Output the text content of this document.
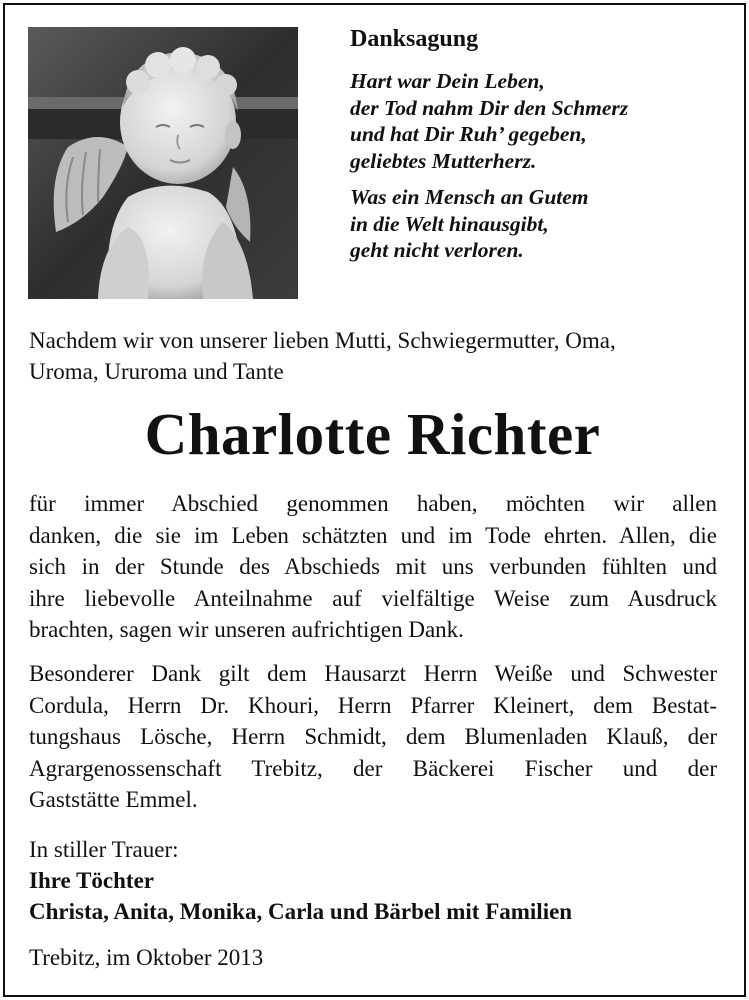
Danksagung
Hart war Dein Leben,
der Tod nahm Dir den Schmerz
und hat Dir Ruh’ gegeben,
geliebtes Mutterherz.
Was ein Mensch an Gutem
in die Welt hinausgibt,
geht nicht verloren.
Nachdem wir von unserer lieben Mutti, Schwiegermutter, Oma,
Uroma, Ururoma und Tante
Charlotte Richter
für immer Abschied genommen haben, möchten wir allen
danken, die sie im Leben schätzten und im Tode ehrten. Allen, die
sich in der Stunde des Abschieds mit uns verbunden fühlten und
ihre liebevolle Anteilnahme auf vielfältige Weise zum Ausdruck
brachten, sagen wir unseren aufrichtigen Dank.
Besonderer Dank gilt dem Hausarzt Herrn Weiße und Schwester
Cordula, Herrn Dr. Khouri, Herrn Pfarrer Kleinert, dem Bestat-
tungshaus Lösche, Herrn Schmidt, dem Blumenladen Klauß, der
Agrargenossenschaft Trebitz, der Bäckerei Fischer und der
Gaststätte Emmel.
In stiller Trauer:
Ihre Töchter
Christa, Anita, Monika, Carla und Bärbel mit Familien
Trebitz, im Oktober 2013
